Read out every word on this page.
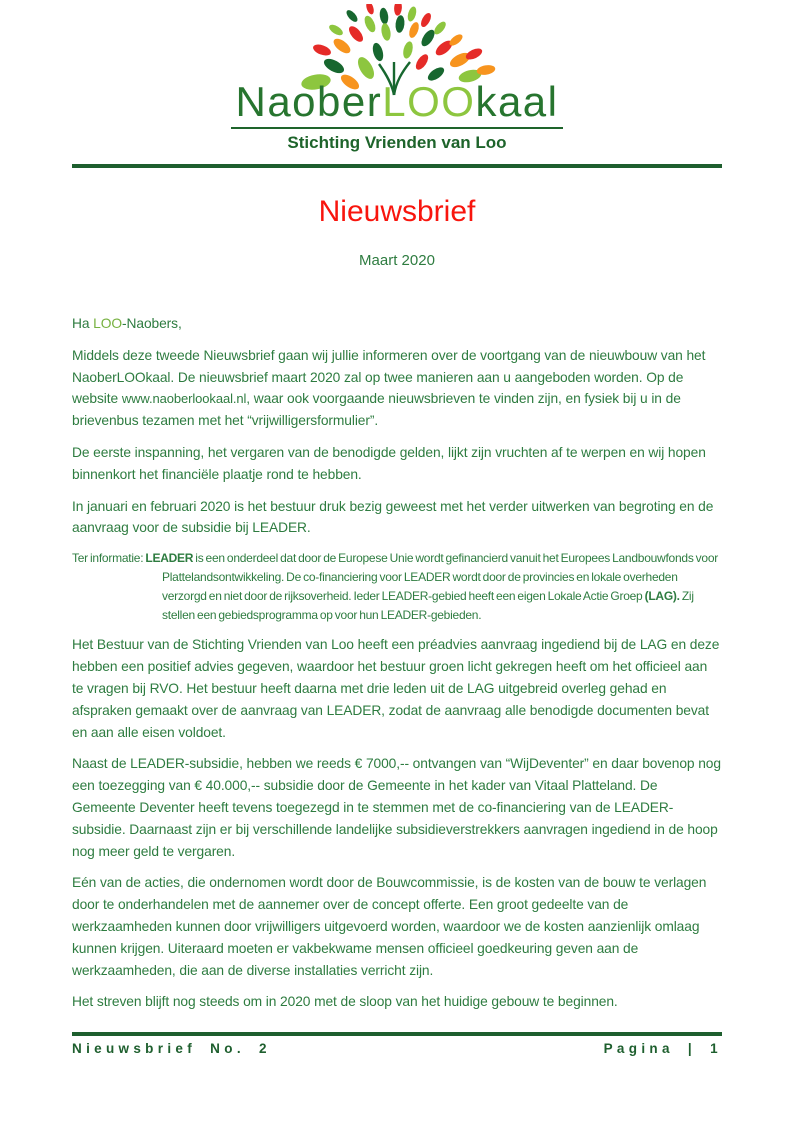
NaoberLOOkaal
Stichting Vrienden van Loo
Nieuwsbrief
Maart 2020

Ha LOO-Naobers,

Middels deze tweede Nieuwsbrief gaan wij jullie informeren over de voortgang van de nieuwbouw van het NaoberLOOkaal. De nieuwsbrief maart 2020 zal op twee manieren aan u aangeboden worden. Op de website www.naoberlookaal.nl, waar ook voorgaande nieuwsbrieven te vinden zijn, en fysiek bij u in de brievenbus tezamen met het “vrijwilligersformulier”.

De eerste inspanning, het vergaren van de benodigde gelden, lijkt zijn vruchten af te werpen en wij hopen binnenkort het financiële plaatje rond te hebben.

In januari en februari 2020 is het bestuur druk bezig geweest met het verder uitwerken van begroting en de aanvraag voor de subsidie bij LEADER.

Ter informatie: LEADER is een onderdeel dat door de Europese Unie wordt gefinancierd vanuit het Europees Landbouwfonds voor Plattelandsontwikkeling. De co-financiering voor LEADER wordt door de provincies en lokale overheden verzorgd en niet door de rijksoverheid. Ieder LEADER-gebied heeft een eigen Lokale Actie Groep (LAG). Zij stellen een gebiedsprogramma op voor hun LEADER-gebieden.

Het Bestuur van de Stichting Vrienden van Loo heeft een préadvies aanvraag ingediend bij de LAG en deze hebben een positief advies gegeven, waardoor het bestuur groen licht gekregen heeft om het officieel aan te vragen bij RVO. Het bestuur heeft daarna met drie leden uit de LAG uitgebreid overleg gehad en afspraken gemaakt over de aanvraag van LEADER, zodat de aanvraag alle benodigde documenten bevat en aan alle eisen voldoet.

Naast de LEADER-subsidie, hebben we reeds € 7000,-- ontvangen van “WijDeventer” en daar bovenop nog een toezegging van € 40.000,-- subsidie door de Gemeente in het kader van Vitaal Platteland. De Gemeente Deventer heeft tevens toegezegd in te stemmen met de co-financiering van de LEADER-subsidie. Daarnaast zijn er bij verschillende landelijke subsidieverstrekkers aanvragen ingediend in de hoop nog meer geld te vergaren.

Eén van de acties, die ondernomen wordt door de Bouwcommissie, is de kosten van de bouw te verlagen door te onderhandelen met de aannemer over de concept offerte. Een groot gedeelte van de werkzaamheden kunnen door vrijwilligers uitgevoerd worden, waardoor we de kosten aanzienlijk omlaag kunnen krijgen. Uiteraard moeten er vakbekwame mensen officieel goedkeuring geven aan de werkzaamheden, die aan de diverse installaties verricht zijn.

Het streven blijft nog steeds om in 2020 met de sloop van het huidige gebouw te beginnen.

Nieuwsbrief No. 2	Pagina | 1
